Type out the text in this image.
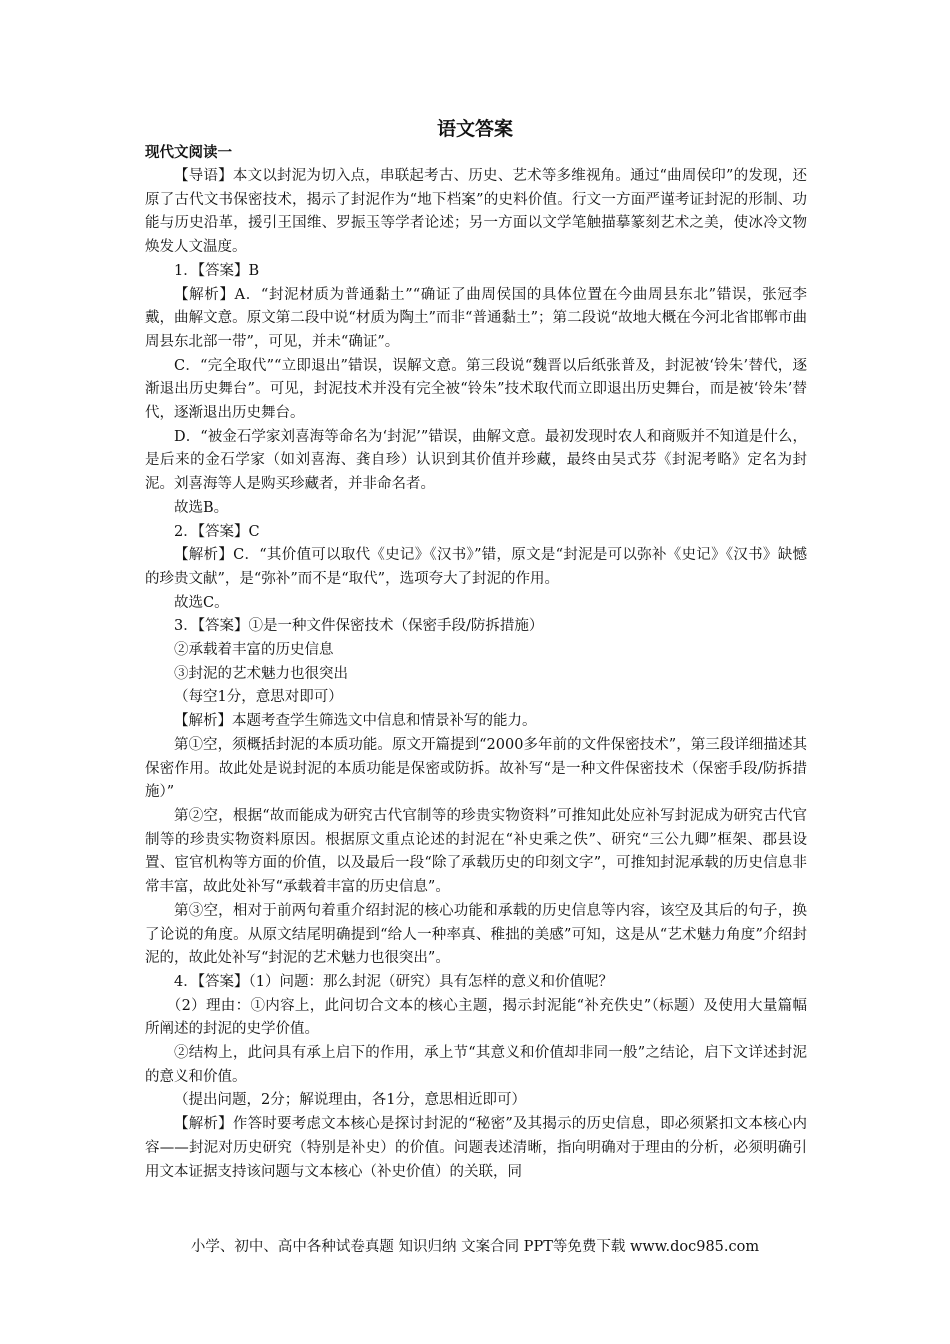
语文答案
现代文阅读一

【导语】本文以封泥为切入点，串联起考古、历史、艺术等多维视角。通过“曲周侯印”的发现，还原了古代文书保密技术，揭示了封泥作为“地下档案”的史料价值。行文一方面严谨考证封泥的形制、功能与历史沿革，援引王国维、罗振玉等学者论述；另一方面以文学笔触描摹篆刻艺术之美，使冰冷文物焕发人文温度。

1．【答案】B

【解析】A．“封泥材质为普通黏土”“确证了曲周侯国的具体位置在今曲周县东北”错误，张冠李戴，曲解文意。原文第二段中说“材质为陶土”而非“普通黏土”；第二段说“故地大概在今河北省邯郸市曲周县东北部一带”，可见，并未“确证”。

C．“完全取代”“立即退出”错误，误解文意。第三段说“魏晋以后纸张普及，封泥被‘铃朱’替代，逐渐退出历史舞台”。可见，封泥技术并没有完全被“铃朱”技术取代而立即退出历史舞台，而是被‘铃朱’替代，逐渐退出历史舞台。

D．“被金石学家刘喜海等命名为‘封泥’”错误，曲解文意。最初发现时农人和商贩并不知道是什么，是后来的金石学家（如刘喜海、龚自珍）认识到其价值并珍藏，最终由吴式芬《封泥考略》定名为封泥。刘喜海等人是购买珍藏者，并非命名者。

故选B。

2．【答案】C

【解析】C．“其价值可以取代《史记》《汉书》”错，原文是“封泥是可以弥补《史记》《汉书》缺憾的珍贵文献”，是“弥补”而不是“取代”，选项夸大了封泥的作用。

故选C。

3．【答案】①是一种文件保密技术（保密手段/防拆措施）

②承载着丰富的历史信息

③封泥的艺术魅力也很突出

（每空1分，意思对即可）

【解析】本题考查学生筛选文中信息和情景补写的能力。

第①空，须概括封泥的本质功能。原文开篇提到“2000多年前的文件保密技术”，第三段详细描述其保密作用。故此处是说封泥的本质功能是保密或防拆。故补写“是一种文件保密技术（保密手段/防拆措施）”

第②空，根据“故而能成为研究古代官制等的珍贵实物资料”可推知此处应补写封泥成为研究古代官制等的珍贵实物资料原因。根据原文重点论述的封泥在“补史乘之佚”、研究“三公九卿”框架、郡县设置、宦官机构等方面的价值，以及最后一段“除了承载历史的印刻文字”，可推知封泥承载的历史信息非常丰富，故此处补写“承载着丰富的历史信息”。

第③空，相对于前两句着重介绍封泥的核心功能和承载的历史信息等内容，该空及其后的句子，换了论说的角度。从原文结尾明确提到“给人一种率真、稚拙的美感”可知，这是从“艺术魅力角度”介绍封泥的，故此处补写“封泥的艺术魅力也很突出”。

4．【答案】（1）问题：那么封泥（研究）具有怎样的意义和价值呢？

（2）理由：①内容上，此问切合文本的核心主题，揭示封泥能“补充佚史”（标题）及使用大量篇幅所阐述的封泥的史学价值。

②结构上，此问具有承上启下的作用，承上节“其意义和价值却非同一般”之结论，启下文详述封泥的意义和价值。

（提出问题，2分；解说理由，各1分，意思相近即可）

【解析】作答时要考虑文本核心是探讨封泥的“秘密”及其揭示的历史信息，即必须紧扣文本核心内容——封泥对历史研究（特别是补史）的价值。问题表述清晰，指向明确对于理由的分析，必须明确引用文本证据支持该问题与文本核心（补史价值）的关联，同

小学、初中、高中各种试卷真题 知识归纳 文案合同 PPT等免费下载 www.doc985.com
